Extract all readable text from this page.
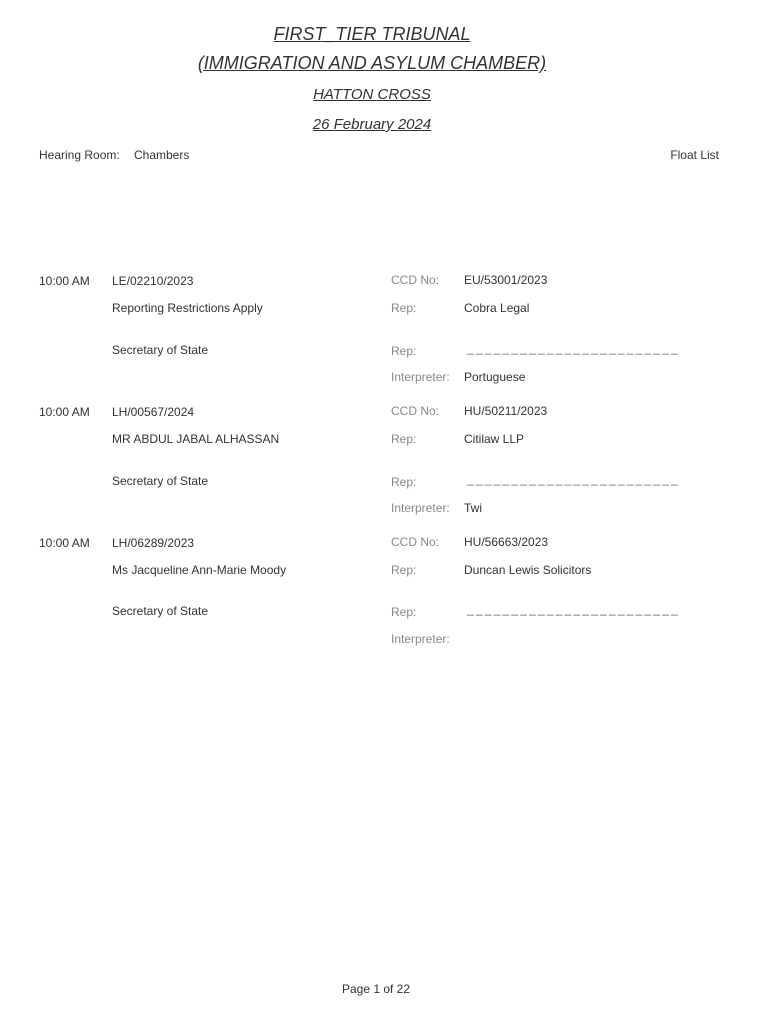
FIRST_TIER TRIBUNAL
(IMMIGRATION AND ASYLUM CHAMBER)
HATTON CROSS
26 February 2024
Hearing Room: Chambers	Float List
10:00 AM LE/02210/2023	CCD No: EU/53001/2023
Reporting Restrictions Apply	Rep:	Cobra Legal
Secretary of State	Rep:	________________________
Interpreter: Portuguese
10:00 AM LH/00567/2024	CCD No: HU/50211/2023
MR ABDUL JABAL ALHASSAN	Rep:	Citilaw LLP
Secretary of State	Rep:	________________________
Interpreter: Twi
10:00 AM LH/06289/2023	CCD No: HU/56663/2023
Ms Jacqueline Ann-Marie Moody	Rep:	Duncan Lewis Solicitors
Secretary of State	Rep:	________________________
Interpreter:
Page 1 of 22
